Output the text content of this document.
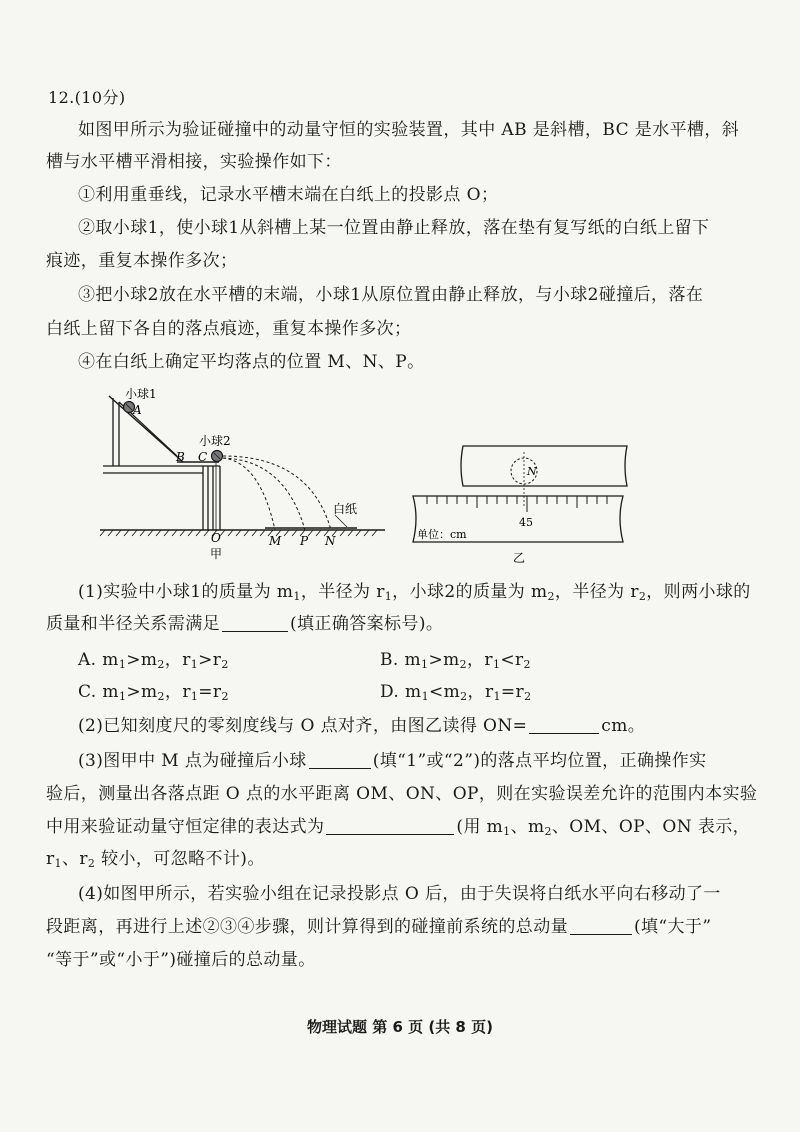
12.(10分)
如图甲所示为验证碰撞中的动量守恒的实验装置，其中 AB 是斜槽，BC 是水平槽，斜
槽与水平槽平滑相接，实验操作如下：
①利用重垂线，记录水平槽末端在白纸上的投影点 O；
②取小球1，使小球1从斜槽上某一位置由静止释放，落在垫有复写纸的白纸上留下
痕迹，重复本操作多次；
③把小球2放在水平槽的末端，小球1从原位置由静止释放，与小球2碰撞后，落在
白纸上留下各自的落点痕迹，重复本操作多次；
④在白纸上确定平均落点的位置 M、N、P。
小球1
A
B C
小球2
白纸
O	M P N
甲
N
45
单位：cm
乙
(1)实验中小球1的质量为 $m_1$，半径为 $r_1$，小球2的质量为 $m_2$，半径为 $r_2$，则两小球的
质量和半径关系需满足	(填正确答案标号)。
A. $m_1>m_2$，$r_1>r_2$	B. $m_1>m_2$，$r_1<r_2$
C. $m_1>m_2$，$r_1=r_2$	D. $m_1<m_2$，$r_1=r_2$
(2)已知刻度尺的零刻度线与 O 点对齐，由图乙读得 ON=	cm。
(3)图甲中 M 点为碰撞后小球	(填“1”或“2”)的落点平均位置，正确操作实
验后，测量出各落点距 O 点的水平距离 OM、ON、OP，则在实验误差允许的范围内本实验
中用来验证动量守恒定律的表达式为	(用 $m_1$、$m_2$、OM、OP、ON 表示，
$r_1$、$r_2$ 较小，可忽略不计)。
(4)如图甲所示，若实验小组在记录投影点 O 后，由于失误将白纸水平向右移动了一
段距离，再进行上述②③④步骤，则计算得到的碰撞前系统的总动量	(填“大于”
“等于”或“小于”)碰撞后的总动量。
物理试题 第 6 页 (共 8 页)
